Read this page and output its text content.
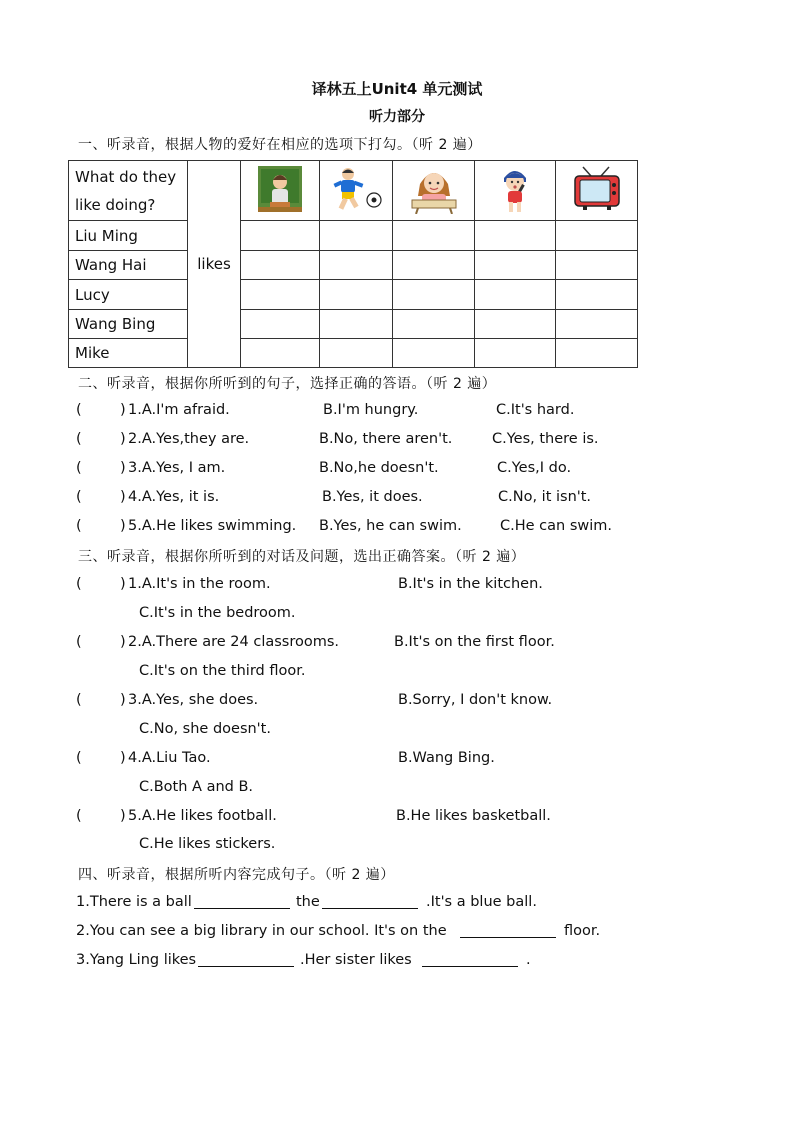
译林五上Unit4 单元测试
听力部分
一、听录音，根据人物的爱好在相应的选项下打勾。（听 2 遍）
What do they
like doing?	likes					
Liu Ming						
Wang Hai						
Lucy						
Wang Bing						
Mike						
二、听录音，根据你所听到的句子，选择正确的答语。（听 2 遍）
(	) 1.A.I'm afraid.	B.I'm hungry.	C.It's hard.
(	) 2.A.Yes,they are.	B.No, there aren't.	C.Yes, there is.
(	) 3.A.Yes, I am.	B.No,he doesn't.	C.Yes,I do.
(	) 4.A.Yes, it is.	B.Yes, it does.	C.No, it isn't.
(	) 5.A.He likes swimming. B.Yes, he can swim.	C.He can swim.
三、听录音，根据你所听到的对话及问题，选出正确答案。（听 2 遍）
(	) 1.A.It's in the room.	B.It's in the kitchen.
C.It's in the bedroom.
(	) 2.A.There are 24 classrooms.	B.It's on the first floor.
C.It's on the third floor.
(	) 3.A.Yes, she does.	B.Sorry, I don't know.
C.No, she doesn't.
(	) 4.A.Liu Tao.	B.Wang Bing.
C.Both A and B.
(	) 5.A.He likes football.	B.He likes basketball.
C.He likes stickers.
四、听录音，根据所听内容完成句子。（听 2 遍）
1.There is a ball	the	.It's a blue ball.
2.You can see a big library in our school. It's on the	floor.
3.Yang Ling likes	.Her sister likes	.
